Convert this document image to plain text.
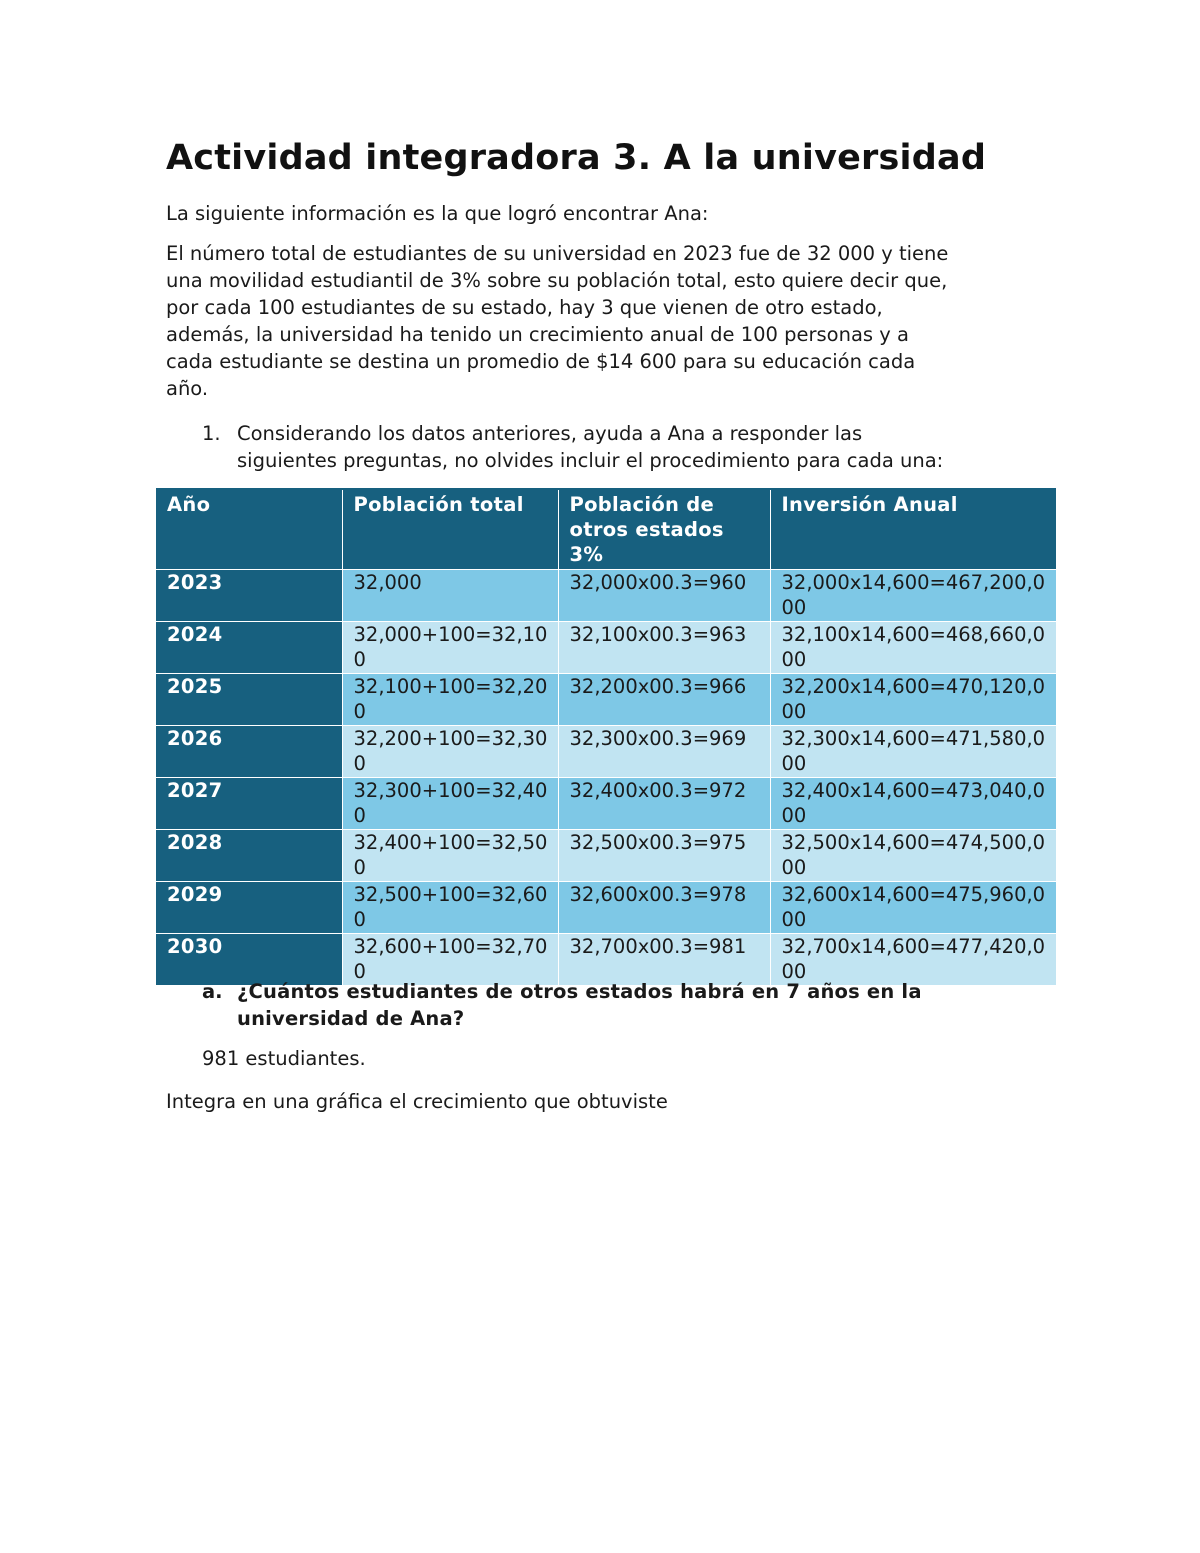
Actividad integradora 3. A la universidad

La siguiente información es la que logró encontrar Ana:

El número total de estudiantes de su universidad en 2023 fue de 32 000 y tiene
una movilidad estudiantil de 3% sobre su población total, esto quiere decir que,
por cada 100 estudiantes de su estado, hay 3 que vienen de otro estado,
además, la universidad ha tenido un crecimiento anual de 100 personas y a
cada estudiante se destina un promedio de $14 600 para su educación cada
año.

1. Considerando los datos anteriores, ayuda a Ana a responder las
siguientes preguntas, no olvides incluir el procedimiento para cada una:
Año	Población total	Población de otros estados 3%	Inversión Anual
2023	32,000	32,000x00.3=960	32,000x14,600=467,200,000
2024	32,000+100=32,100	32,100x00.3=963	32,100x14,600=468,660,000
2025	32,100+100=32,200	32,200x00.3=966	32,200x14,600=470,120,000
2026	32,200+100=32,300	32,300x00.3=969	32,300x14,600=471,580,000
2027	32,300+100=32,400	32,400x00.3=972	32,400x14,600=473,040,000
2028	32,400+100=32,500	32,500x00.3=975	32,500x14,600=474,500,000
2029	32,500+100=32,600	32,600x00.3=978	32,600x14,600=475,960,000
2030	32,600+100=32,700	32,700x00.3=981	32,700x14,600=477,420,000
a. ¿Cuántos estudiantes de otros estados habrá en 7 años en la
universidad de Ana?

981 estudiantes.

Integra en una gráfica el crecimiento que obtuviste
